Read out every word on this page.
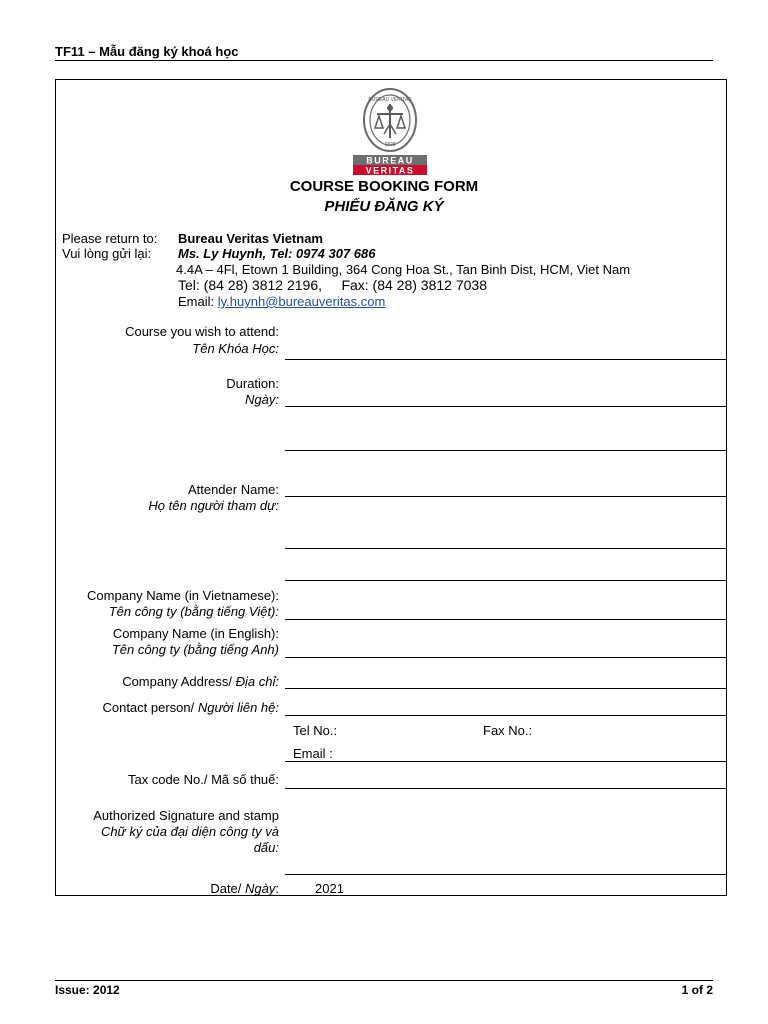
TF11 – Mẫu đăng ký khoá học
BUREAU VERITAS
1828
BUREAU
VERITAS
COURSE BOOKING FORM
PHIẾU ĐĂNG KÝ
Please return to:
Vui lòng gửi lại:
Bureau Veritas Vietnam
Ms. Ly Huynh, Tel: 0974 307 686
4.4A – 4Fl, Etown 1 Building, 364 Cong Hoa St., Tan Binh Dist, HCM, Viet Nam
Tel: (84 28) 3812 2196,     Fax: (84 28) 3812 7038
Email: ly.huynh@bureauveritas.com
Course you wish to attend:
Tên Khóa Học:
Duration:
Ngày:
Attender Name:
Họ tên người tham dự:
Company Name (in Vietnamese):
Tên công ty (bằng tiếng Việt):
Company Name (in English):
Tên công ty (bằng tiếng Anh)
Company Address/ Địa chỉ:
Contact person/ Người liên hệ:
Tel No.:	Fax No.:
Email :
Tax code No./ Mã số thuế:
Authorized Signature and stamp
Chữ ký của đại diện công ty và
dấu:
Date/ Ngày:	2021
Issue: 2012	1 of 2
